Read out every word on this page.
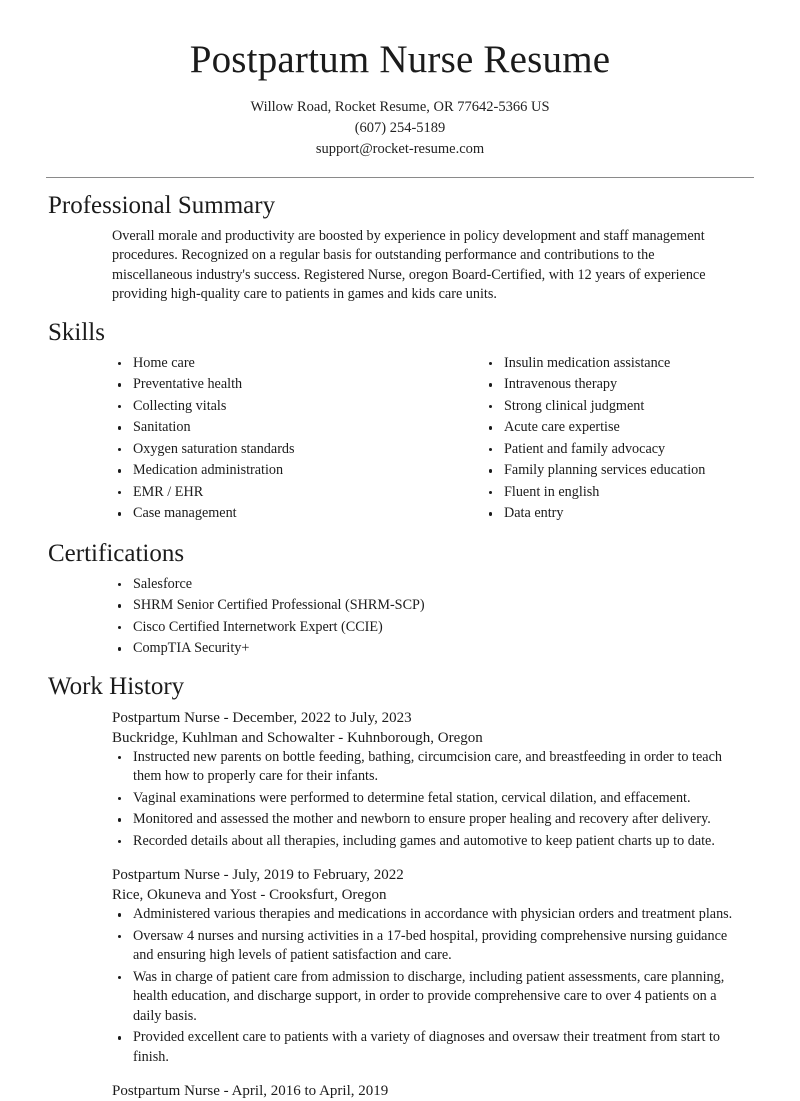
Postpartum Nurse Resume
Willow Road, Rocket Resume, OR 77642-5366 US
(607) 254-5189
support@rocket-resume.com
Professional Summary

Overall morale and productivity are boosted by experience in policy development and staff management procedures. Recognized on a regular basis for outstanding performance and contributions to the miscellaneous industry's success. Registered Nurse, oregon Board-Certified, with 12 years of experience providing high-quality care to patients in games and kids care units.

Skills
Home care
Preventative health
Collecting vitals
Sanitation
Oxygen saturation standards
Medication administration
EMR / EHR
Case management
Insulin medication assistance
Intravenous therapy
Strong clinical judgment
Acute care expertise
Patient and family advocacy
Family planning services education
Fluent in english
Data entry
Certifications
Salesforce
SHRM Senior Certified Professional (SHRM-SCP)
Cisco Certified Internetwork Expert (CCIE)
CompTIA Security+
Work History
Postpartum Nurse - December, 2022 to July, 2023
Buckridge, Kuhlman and Schowalter - Kuhnborough, Oregon
Instructed new parents on bottle feeding, bathing, circumcision care, and breastfeeding in order to teach them how to properly care for their infants.
Vaginal examinations were performed to determine fetal station, cervical dilation, and effacement.
Monitored and assessed the mother and newborn to ensure proper healing and recovery after delivery.
Recorded details about all therapies, including games and automotive to keep patient charts up to date.
Postpartum Nurse - July, 2019 to February, 2022
Rice, Okuneva and Yost - Crooksfurt, Oregon
Administered various therapies and medications in accordance with physician orders and treatment plans.
Oversaw 4 nurses and nursing activities in a 17-bed hospital, providing comprehensive nursing guidance and ensuring high levels of patient satisfaction and care.
Was in charge of patient care from admission to discharge, including patient assessments, care planning, health education, and discharge support, in order to provide comprehensive care to over 4 patients on a daily basis.
Provided excellent care to patients with a variety of diagnoses and oversaw their treatment from start to finish.
Postpartum Nurse - April, 2016 to April, 2019
